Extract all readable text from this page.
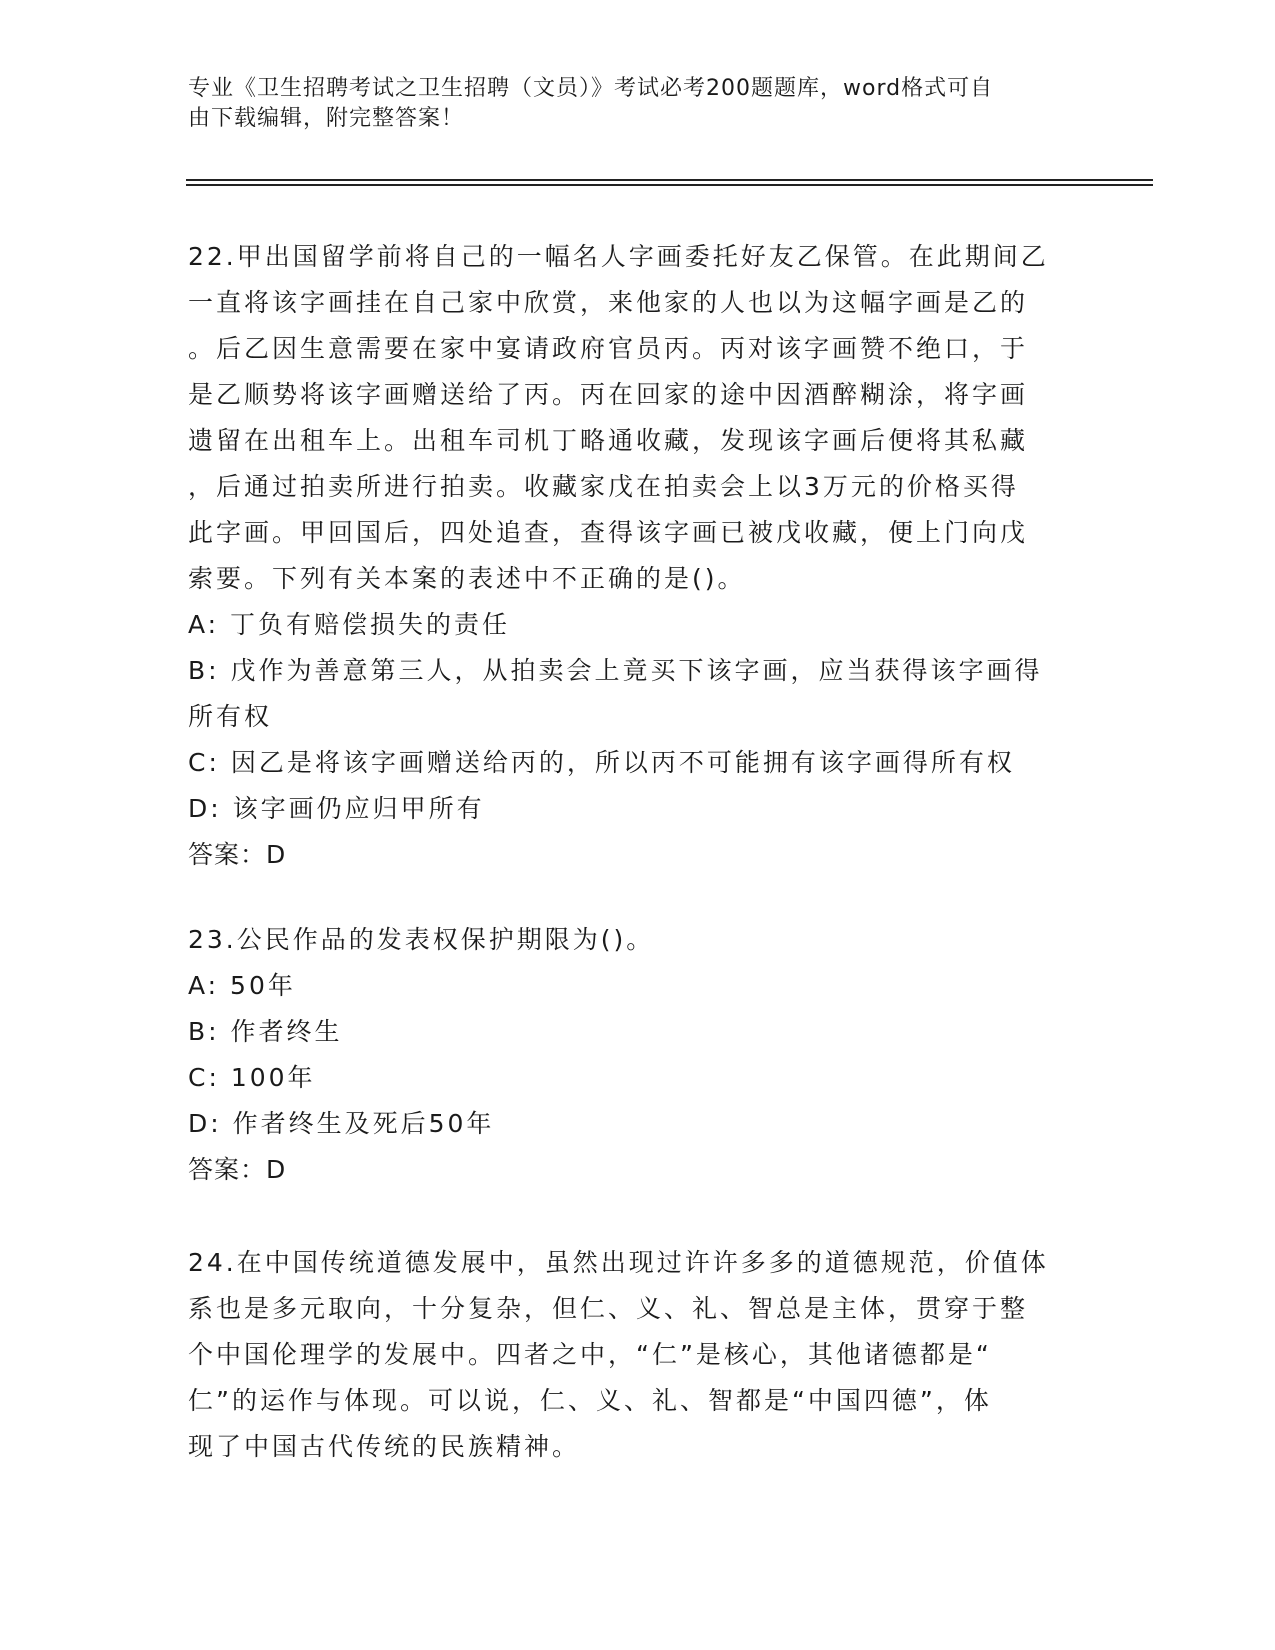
专业《卫生招聘考试之卫生招聘（文员）》考试必考200题题库，word格式可自
由下载编辑，附完整答案！
22.甲出国留学前将自己的一幅名人字画委托好友乙保管。在此期间乙
一直将该字画挂在自己家中欣赏，来他家的人也以为这幅字画是乙的
。后乙因生意需要在家中宴请政府官员丙。丙对该字画赞不绝口，于
是乙顺势将该字画赠送给了丙。丙在回家的途中因酒醉糊涂，将字画
遗留在出租车上。出租车司机丁略通收藏，发现该字画后便将其私藏
，后通过拍卖所进行拍卖。收藏家戊在拍卖会上以3万元的价格买得
此字画。甲回国后，四处追查，查得该字画已被戊收藏，便上门向戊
索要。下列有关本案的表述中不正确的是()。
A: 丁负有赔偿损失的责任
B: 戊作为善意第三人，从拍卖会上竟买下该字画，应当获得该字画得
所有权
C: 因乙是将该字画赠送给丙的，所以丙不可能拥有该字画得所有权
D: 该字画仍应归甲所有
答案：D
23.公民作品的发表权保护期限为()。
A: 50年
B: 作者终生
C: 100年
D: 作者终生及死后50年
答案：D
24.在中国传统道德发展中，虽然出现过许许多多的道德规范，价值体
系也是多元取向，十分复杂，但仁、义、礼、智总是主体，贯穿于整
个中国伦理学的发展中。四者之中，“仁”是核心，其他诸德都是“
仁”的运作与体现。可以说，仁、义、礼、智都是“中国四德”，体
现了中国古代传统的民族精神。
